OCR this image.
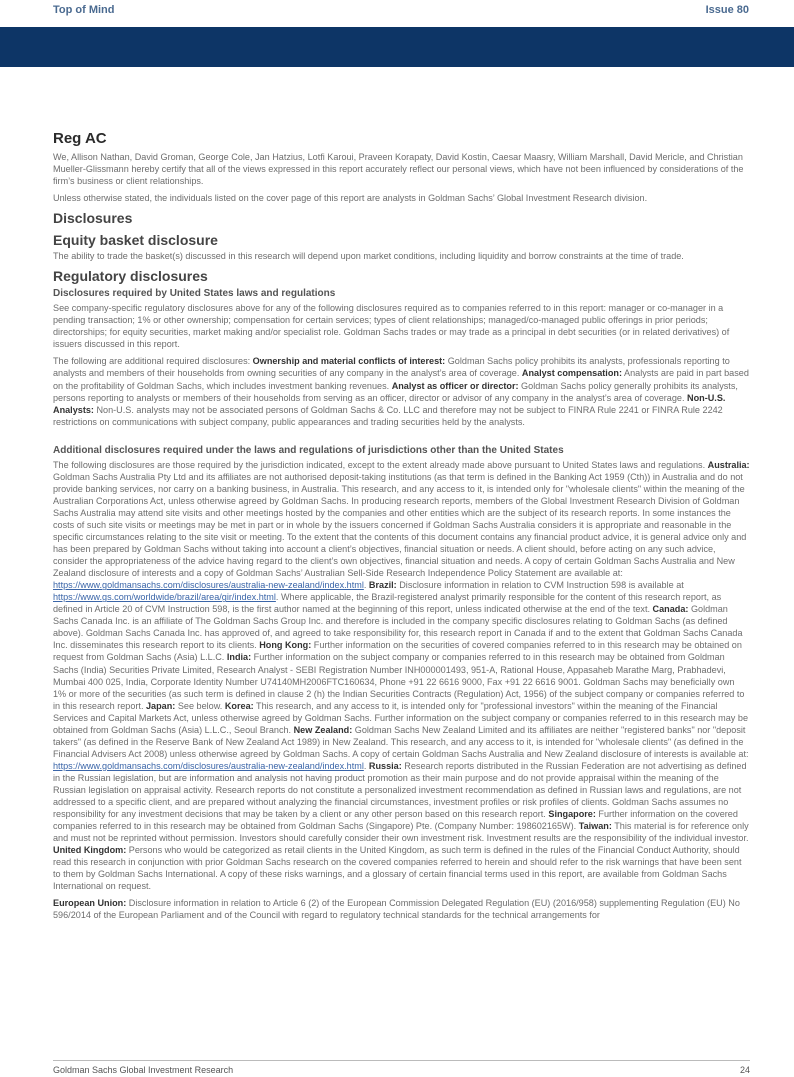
Top of Mind	Issue 80
Reg AC

We, Allison Nathan, David Groman, George Cole, Jan Hatzius, Lotfi Karoui, Praveen Korapaty, David Kostin, Caesar Maasry, William Marshall, David Mericle, and Christian Mueller-Glissmann hereby certify that all of the views expressed in this report accurately reflect our personal views, which have not been influenced by considerations of the firm’s business or client relationships.

Unless otherwise stated, the individuals listed on the cover page of this report are analysts in Goldman Sachs’ Global Investment Research division.

Disclosures
Equity basket disclosure

The ability to trade the basket(s) discussed in this research will depend upon market conditions, including liquidity and borrow constraints at the time of trade.

Regulatory disclosures
Disclosures required by United States laws and regulations

See company-specific regulatory disclosures above for any of the following disclosures required as to companies referred to in this report: manager or co-manager in a pending transaction; 1% or other ownership; compensation for certain services; types of client relationships; managed/co-managed public offerings in prior periods; directorships; for equity securities, market making and/or specialist role. Goldman Sachs trades or may trade as a principal in debt securities (or in related derivatives) of issuers discussed in this report.

The following are additional required disclosures: Ownership and material conflicts of interest: Goldman Sachs policy prohibits its analysts, professionals reporting to analysts and members of their households from owning securities of any company in the analyst’s area of coverage. Analyst compensation: Analysts are paid in part based on the profitability of Goldman Sachs, which includes investment banking revenues. Analyst as officer or director: Goldman Sachs policy generally prohibits its analysts, persons reporting to analysts or members of their households from serving as an officer, director or advisor of any company in the analyst’s area of coverage. Non-U.S. Analysts: Non-U.S. analysts may not be associated persons of Goldman Sachs & Co. LLC and therefore may not be subject to FINRA Rule 2241 or FINRA Rule 2242 restrictions on communications with subject company, public appearances and trading securities held by the analysts.

Additional disclosures required under the laws and regulations of jurisdictions other than the United States

The following disclosures are those required by the jurisdiction indicated, except to the extent already made above pursuant to United States laws and regulations. Australia: Goldman Sachs Australia Pty Ltd and its affiliates are not authorised deposit-taking institutions (as that term is defined in the Banking Act 1959 (Cth)) in Australia and do not provide banking services, nor carry on a banking business, in Australia. This research, and any access to it, is intended only for "wholesale clients" within the meaning of the Australian Corporations Act, unless otherwise agreed by Goldman Sachs. In producing research reports, members of the Global Investment Research Division of Goldman Sachs Australia may attend site visits and other meetings hosted by the companies and other entities which are the subject of its research reports. In some instances the costs of such site visits or meetings may be met in part or in whole by the issuers concerned if Goldman Sachs Australia considers it is appropriate and reasonable in the specific circumstances relating to the site visit or meeting. To the extent that the contents of this document contains any financial product advice, it is general advice only and has been prepared by Goldman Sachs without taking into account a client’s objectives, financial situation or needs. A client should, before acting on any such advice, consider the appropriateness of the advice having regard to the client’s own objectives, financial situation and needs. A copy of certain Goldman Sachs Australia and New Zealand disclosure of interests and a copy of Goldman Sachs’ Australian Sell-Side Research Independence Policy Statement are available at: https://www.goldmansachs.com/disclosures/australia-new-zealand/index.html. Brazil: Disclosure information in relation to CVM Instruction 598 is available at https://www.gs.com/worldwide/brazil/area/gir/index.html. Where applicable, the Brazil-registered analyst primarily responsible for the content of this research report, as defined in Article 20 of CVM Instruction 598, is the first author named at the beginning of this report, unless indicated otherwise at the end of the text. Canada: Goldman Sachs Canada Inc. is an affiliate of The Goldman Sachs Group Inc. and therefore is included in the company specific disclosures relating to Goldman Sachs (as defined above). Goldman Sachs Canada Inc. has approved of, and agreed to take responsibility for, this research report in Canada if and to the extent that Goldman Sachs Canada Inc. disseminates this research report to its clients. Hong Kong: Further information on the securities of covered companies referred to in this research may be obtained on request from Goldman Sachs (Asia) L.L.C. India: Further information on the subject company or companies referred to in this research may be obtained from Goldman Sachs (India) Securities Private Limited, Research Analyst - SEBI Registration Number INH000001493, 951-A, Rational House, Appasaheb Marathe Marg, Prabhadevi, Mumbai 400 025, India, Corporate Identity Number U74140MH2006FTC160634, Phone +91 22 6616 9000, Fax +91 22 6616 9001. Goldman Sachs may beneficially own 1% or more of the securities (as such term is defined in clause 2 (h) the Indian Securities Contracts (Regulation) Act, 1956) of the subject company or companies referred to in this research report. Japan: See below. Korea: This research, and any access to it, is intended only for "professional investors" within the meaning of the Financial Services and Capital Markets Act, unless otherwise agreed by Goldman Sachs. Further information on the subject company or companies referred to in this research may be obtained from Goldman Sachs (Asia) L.L.C., Seoul Branch. New Zealand: Goldman Sachs New Zealand Limited and its affiliates are neither "registered banks" nor "deposit takers" (as defined in the Reserve Bank of New Zealand Act 1989) in New Zealand. This research, and any access to it, is intended for "wholesale clients" (as defined in the Financial Advisers Act 2008) unless otherwise agreed by Goldman Sachs. A copy of certain Goldman Sachs Australia and New Zealand disclosure of interests is available at: https://www.goldmansachs.com/disclosures/australia-new-zealand/index.html. Russia: Research reports distributed in the Russian Federation are not advertising as defined in the Russian legislation, but are information and analysis not having product promotion as their main purpose and do not provide appraisal within the meaning of the Russian legislation on appraisal activity. Research reports do not constitute a personalized investment recommendation as defined in Russian laws and regulations, are not addressed to a specific client, and are prepared without analyzing the financial circumstances, investment profiles or risk profiles of clients. Goldman Sachs assumes no responsibility for any investment decisions that may be taken by a client or any other person based on this research report. Singapore: Further information on the covered companies referred to in this research may be obtained from Goldman Sachs (Singapore) Pte. (Company Number: 198602165W). Taiwan: This material is for reference only and must not be reprinted without permission. Investors should carefully consider their own investment risk. Investment results are the responsibility of the individual investor. United Kingdom: Persons who would be categorized as retail clients in the United Kingdom, as such term is defined in the rules of the Financial Conduct Authority, should read this research in conjunction with prior Goldman Sachs research on the covered companies referred to herein and should refer to the risk warnings that have been sent to them by Goldman Sachs International. A copy of these risks warnings, and a glossary of certain financial terms used in this report, are available from Goldman Sachs International on request.

European Union: Disclosure information in relation to Article 6 (2) of the European Commission Delegated Regulation (EU) (2016/958) supplementing Regulation (EU) No 596/2014 of the European Parliament and of the Council with regard to regulatory technical standards for the technical arrangements for

Goldman Sachs Global Investment Research	24
